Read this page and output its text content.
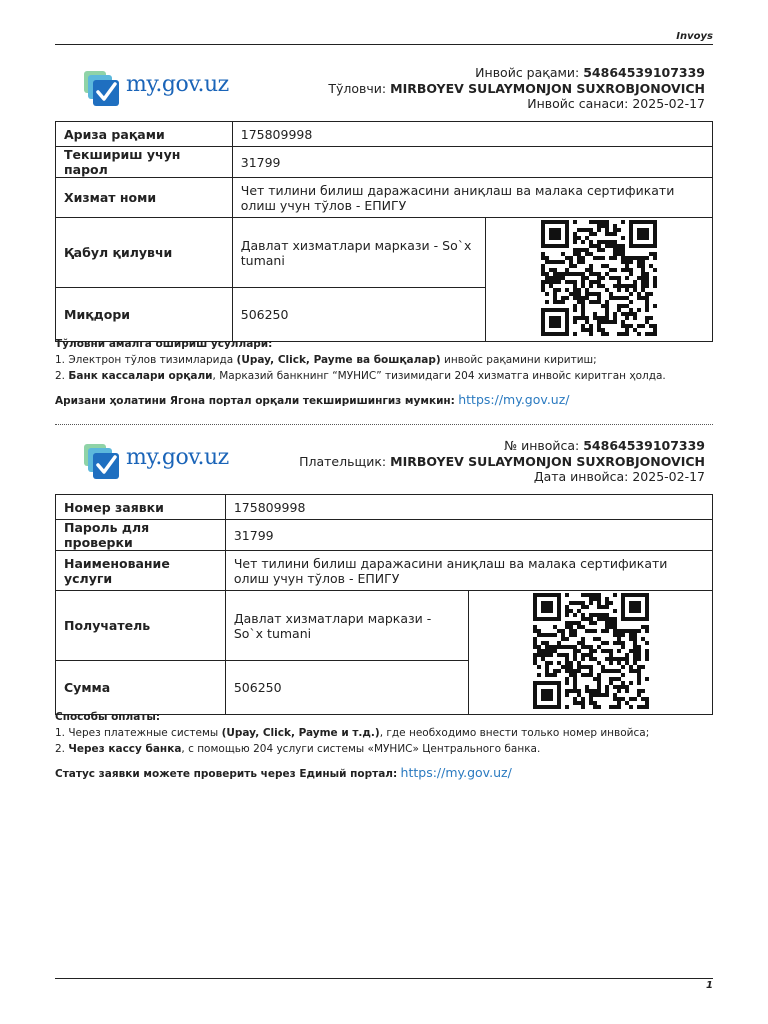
Invoys
my.gov.uz	Инвойс рақами: 54864539107339
Тўловчи: MIRBOYEV SULAYMONJON SUXROBJONOVICH
Инвойс санаси: 2025-02-17
Ариза рақами	175809998	
Текшириш учун парол	31799	
Хизмат номи	Чет тилини билиш даражасини аниқлаш ва малака сертификати олиш учун тўлов - ЕПИГУ	
Қабул қилувчи	Давлат хизматлари маркази - So`x tumani	
Миқдори	506250	
Тўловни амалга ошириш усуллари:
1. Электрон тўлов тизимларида (Upay, Click, Payme ва бошқалар) инвойс рақамини киритиш;
2. Банк кассалари орқали, Марказий банкнинг “МУНИС” тизимидаги 204 хизматга инвойс киритган ҳолда.
Аризани ҳолатини Ягона портал орқали текширишингиз мумкин: https://my.gov.uz/
my.gov.uz	№ инвойса: 54864539107339
Плательщик: MIRBOYEV SULAYMONJON SUXROBJONOVICH
Дата инвойса: 2025-02-17
Номер заявки	175809998	
Пароль для проверки	31799	
Наименование услуги	Чет тилини билиш даражасини аниқлаш ва малака сертификати олиш учун тўлов - ЕПИГУ	
Получатель	Давлат хизматлари маркази - So`x tumani	
Сумма	506250	
Способы оплаты:
1. Через платежные системы (Upay, Click, Payme и т.д.), где необходимо внести только номер инвойса;
2. Через кассу банка, с помощью 204 услуги системы «МУНИС» Центрального банка.
Статус заявки можете проверить через Единый портал: https://my.gov.uz/
1
